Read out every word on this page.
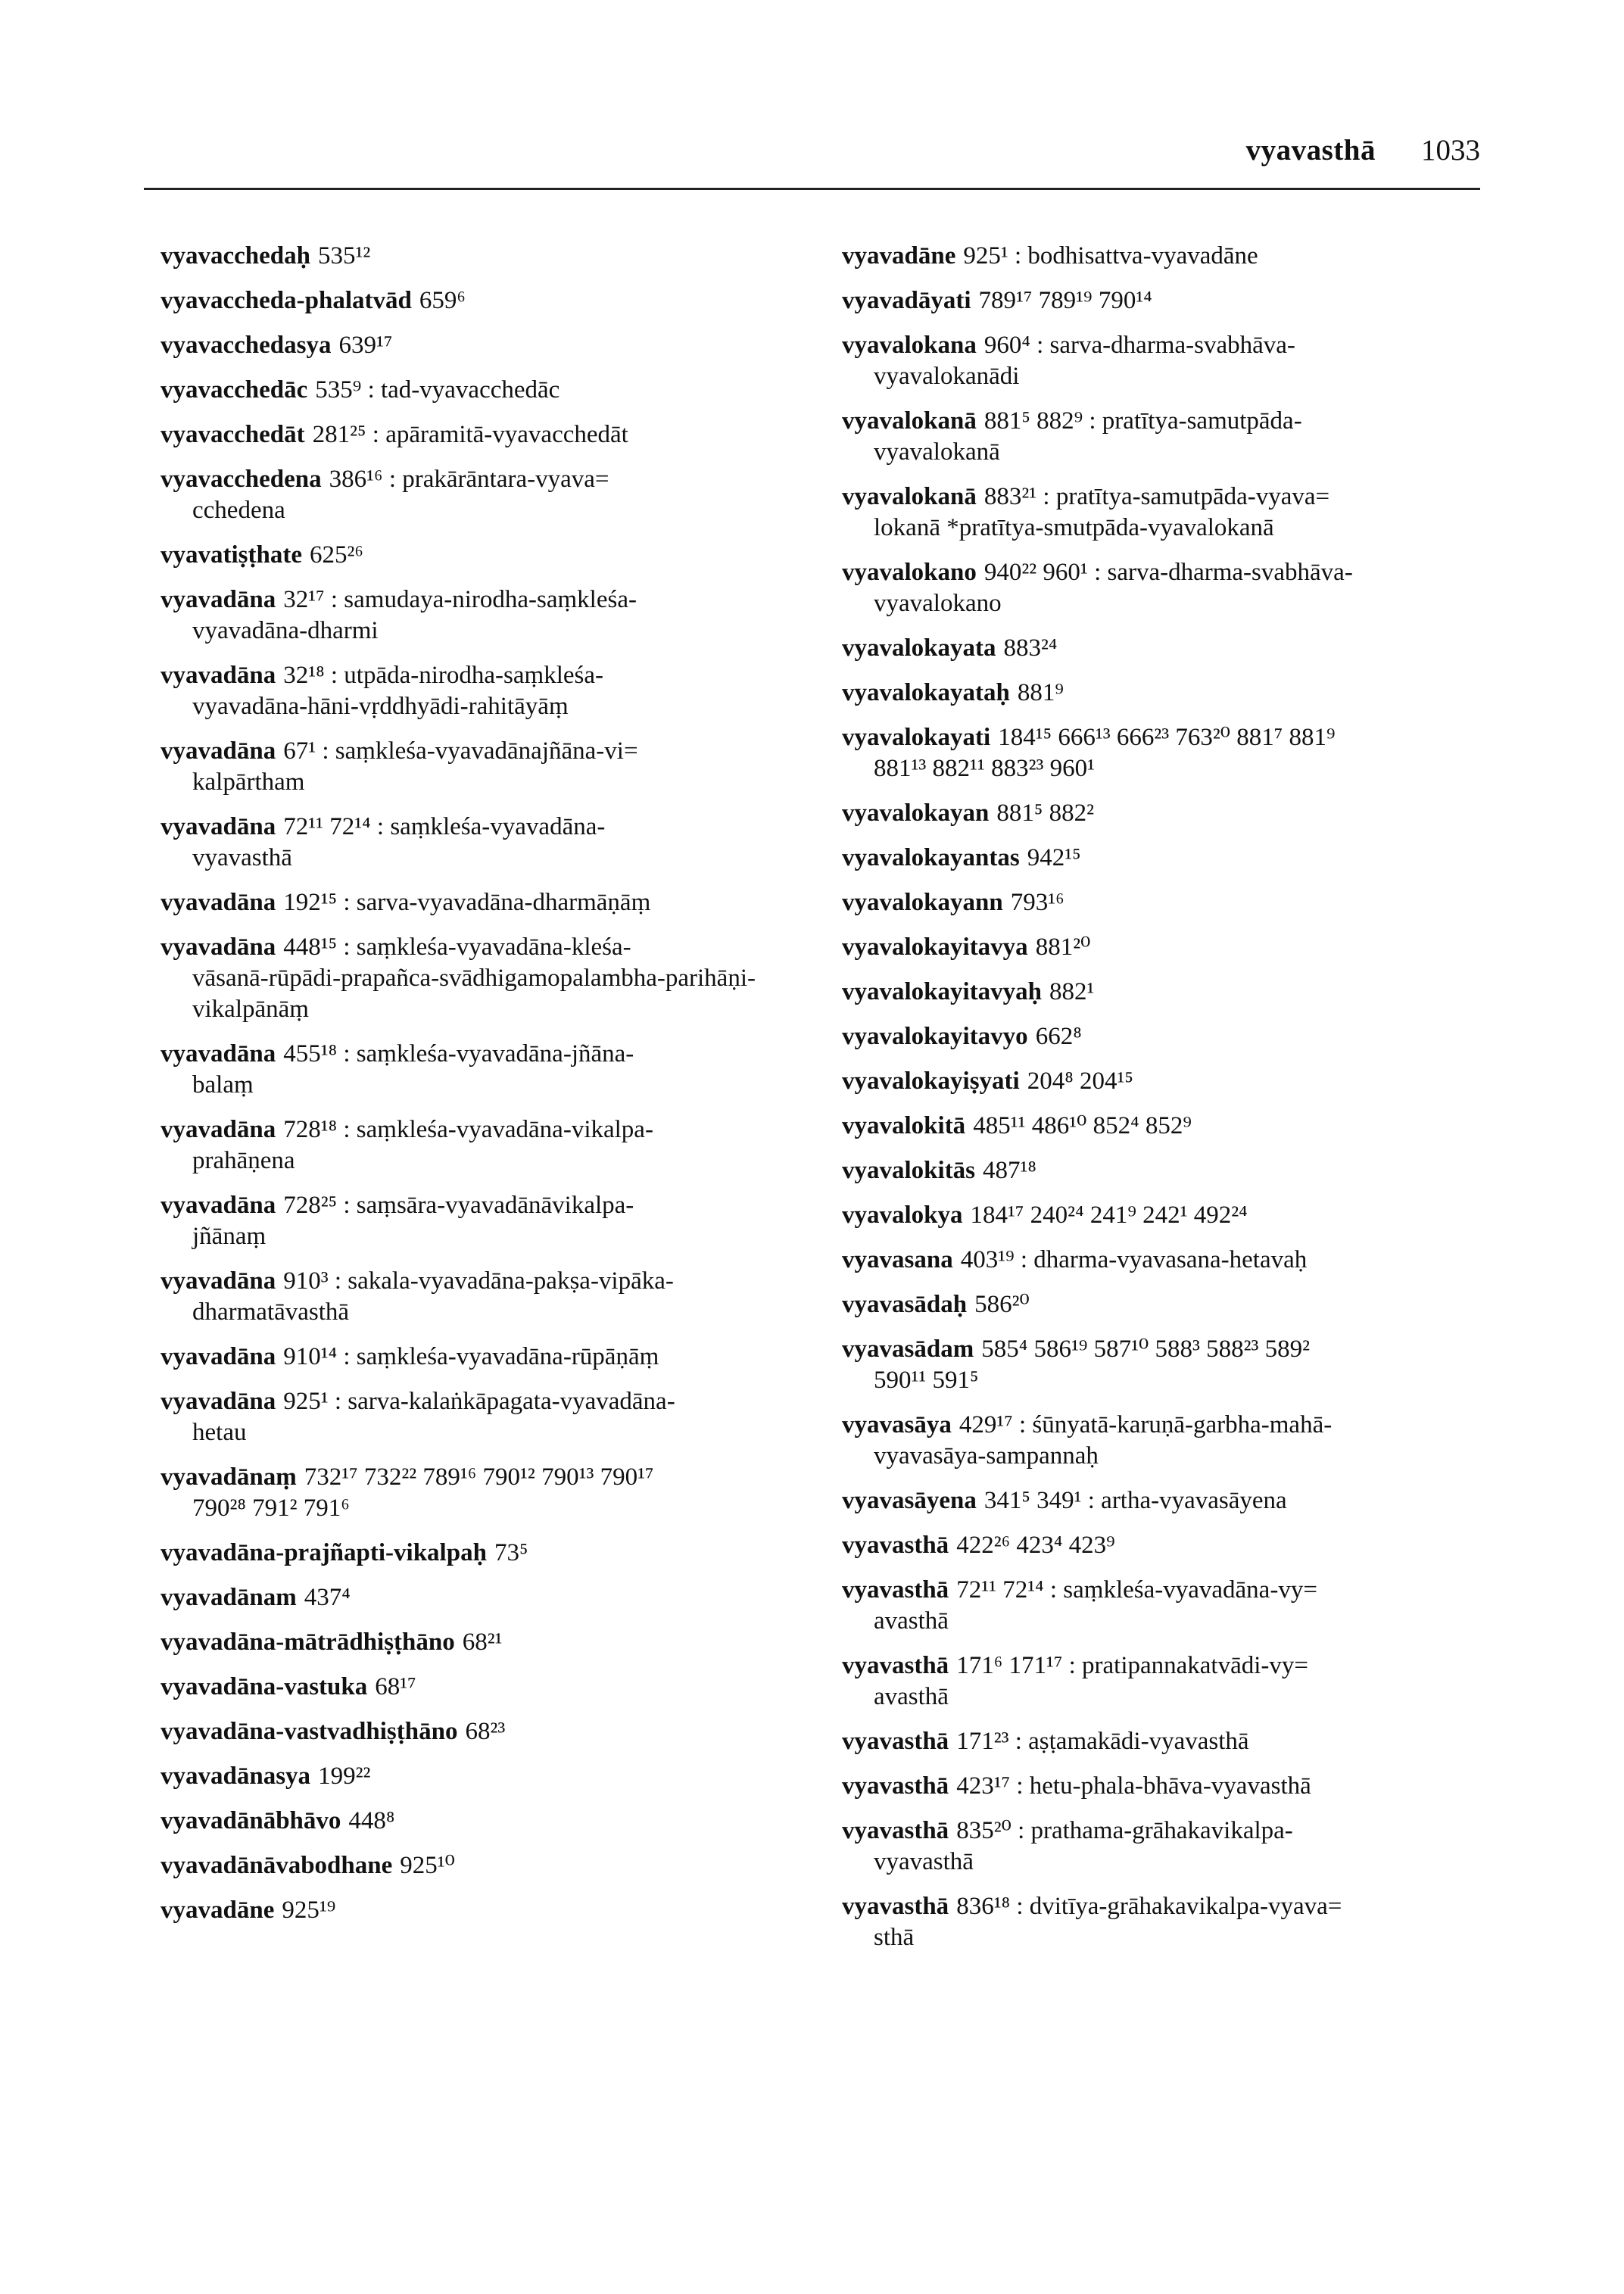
vyavasthā 1033
vyavacchedaḥ 535¹²
vyavaccheda-phalatvād 659⁶
vyavacchedasya 639¹⁷
vyavacchedāc 535⁹ : tad-vyavacchedāc
vyavacchedāt 281²⁵ : apāramitā-vyavacchedāt
vyavacchedena 386¹⁶ : prakārāntara-vyava=
cchedena
vyavatiṣṭhate 625²⁶
vyavadāna 32¹⁷ : samudaya-nirodha-saṃkleśa-
vyavadāna-dharmi
vyavadāna 32¹⁸ : utpāda-nirodha-saṃkleśa-
vyavadāna-hāni-vṛddhyādi-rahitāyāṃ
vyavadāna 67¹ : saṃkleśa-vyavadānajñāna-vi=
kalpārtham
vyavadāna 72¹¹ 72¹⁴ : saṃkleśa-vyavadāna-
vyavasthā
vyavadāna 192¹⁵ : sarva-vyavadāna-dharmāṇāṃ
vyavadāna 448¹⁵ : saṃkleśa-vyavadāna-kleśa-
vāsanā-rūpādi-prapañca-svādhigamopalambha-parihāṇi-vikalpānāṃ
vyavadāna 455¹⁸ : saṃkleśa-vyavadāna-jñāna-
balaṃ
vyavadāna 728¹⁸ : saṃkleśa-vyavadāna-vikalpa-
prahāṇena
vyavadāna 728²⁵ : saṃsāra-vyavadānāvikalpa-
jñānaṃ
vyavadāna 910³ : sakala-vyavadāna-pakṣa-vipāka-
dharmatāvasthā
vyavadāna 910¹⁴ : saṃkleśa-vyavadāna-rūpāṇāṃ
vyavadāna 925¹ : sarva-kalaṅkāpagata-vyavadāna-
hetau
vyavadānaṃ 732¹⁷ 732²² 789¹⁶ 790¹² 790¹³ 790¹⁷
790²⁸ 791² 791⁶
vyavadāna-prajñapti-vikalpaḥ 73⁵
vyavadānam 437⁴
vyavadāna-mātrādhiṣṭhāno 68²¹
vyavadāna-vastuka 68¹⁷
vyavadāna-vastvadhiṣṭhāno 68²³
vyavadānasya 199²²
vyavadānābhāvo 448⁸
vyavadānāvabodhane 925¹⁰
vyavadāne 925¹⁹
vyavadāne 925¹ : bodhisattva-vyavadāne
vyavadāyati 789¹⁷ 789¹⁹ 790¹⁴
vyavalokana 960⁴ : sarva-dharma-svabhāva-
vyavalokanādi
vyavalokanā 881⁵ 882⁹ : pratītya-samutpāda-
vyavalokanā
vyavalokanā 883²¹ : pratītya-samutpāda-vyava=
lokanā *pratītya-smutpāda-vyavalokanā
vyavalokano 940²² 960¹ : sarva-dharma-svabhāva-
vyavalokano
vyavalokayata 883²⁴
vyavalokayataḥ 881⁹
vyavalokayati 184¹⁵ 666¹³ 666²³ 763²⁰ 881⁷ 881⁹
881¹³ 882¹¹ 883²³ 960¹
vyavalokayan 881⁵ 882²
vyavalokayantas 942¹⁵
vyavalokayann 793¹⁶
vyavalokayitavya 881²⁰
vyavalokayitavyaḥ 882¹
vyavalokayitavyo 662⁸
vyavalokayiṣyati 204⁸ 204¹⁵
vyavalokitā 485¹¹ 486¹⁰ 852⁴ 852⁹
vyavalokitās 487¹⁸
vyavalokya 184¹⁷ 240²⁴ 241⁹ 242¹ 492²⁴
vyavasana 403¹⁹ : dharma-vyavasana-hetavaḥ
vyavasādaḥ 586²⁰
vyavasādam 585⁴ 586¹⁹ 587¹⁰ 588³ 588²³ 589²
590¹¹ 591⁵
vyavasāya 429¹⁷ : śūnyatā-karuṇā-garbha-mahā-
vyavasāya-sampannaḥ
vyavasāyena 341⁵ 349¹ : artha-vyavasāyena
vyavasthā 422²⁶ 423⁴ 423⁹
vyavasthā 72¹¹ 72¹⁴ : saṃkleśa-vyavadāna-vy=
avasthā
vyavasthā 171⁶ 171¹⁷ : pratipannakatvādi-vy=
avasthā
vyavasthā 171²³ : aṣṭamakādi-vyavasthā
vyavasthā 423¹⁷ : hetu-phala-bhāva-vyavasthā
vyavasthā 835²⁰ : prathama-grāhakavikalpa-
vyavasthā
vyavasthā 836¹⁸ : dvitīya-grāhakavikalpa-vyava=
sthā
